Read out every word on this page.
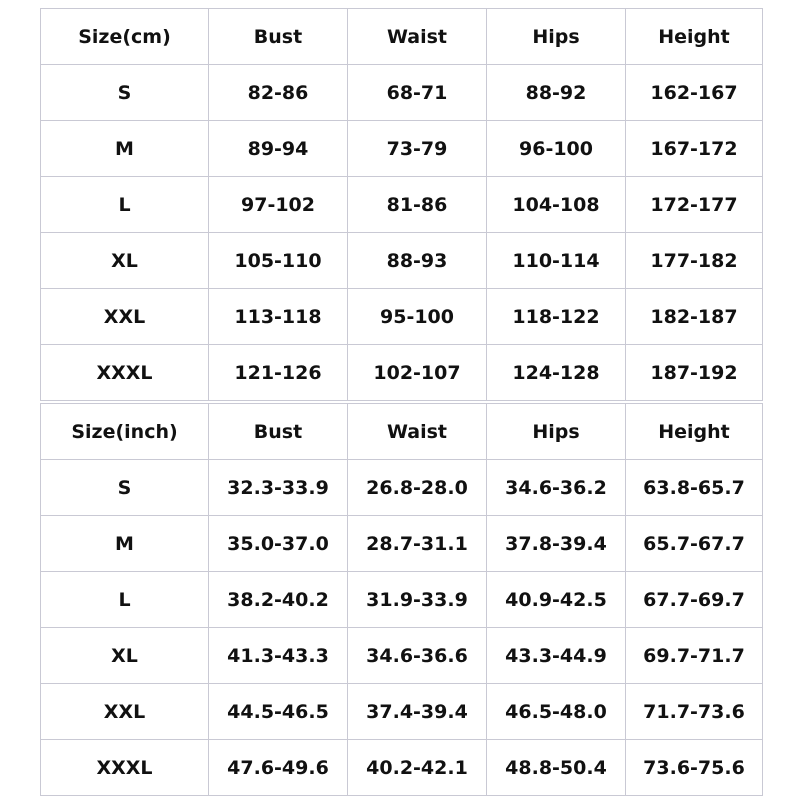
Size(cm)	Bust	Waist	Hips	Height
S	82-86	68-71	88-92	162-167
M	89-94	73-79	96-100	167-172
L	97-102	81-86	104-108	172-177
XL	105-110	88-93	110-114	177-182
XXL	113-118	95-100	118-122	182-187
XXXL	121-126	102-107	124-128	187-192
Size(inch)	Bust	Waist	Hips	Height
S	32.3-33.9	26.8-28.0	34.6-36.2	63.8-65.7
M	35.0-37.0	28.7-31.1	37.8-39.4	65.7-67.7
L	38.2-40.2	31.9-33.9	40.9-42.5	67.7-69.7
XL	41.3-43.3	34.6-36.6	43.3-44.9	69.7-71.7
XXL	44.5-46.5	37.4-39.4	46.5-48.0	71.7-73.6
XXXL	47.6-49.6	40.2-42.1	48.8-50.4	73.6-75.6
